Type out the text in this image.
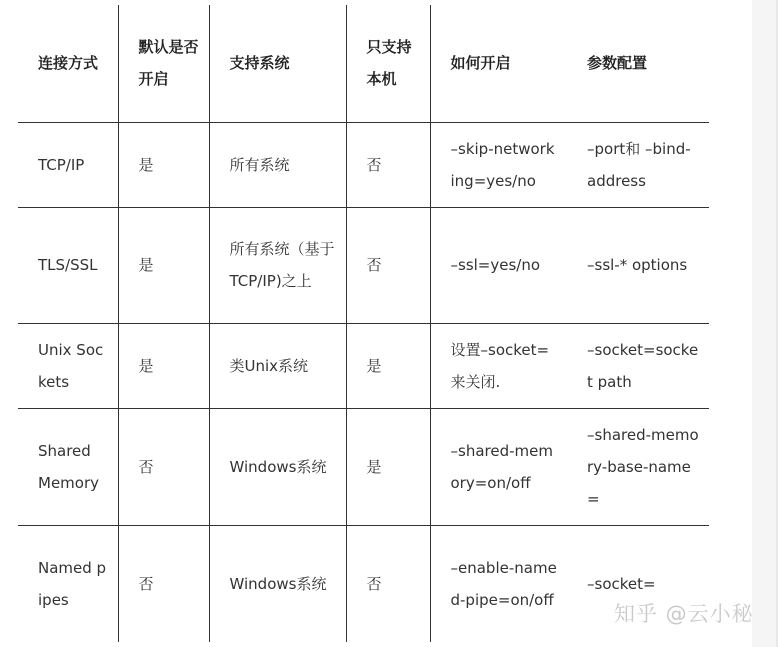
连接方式	默认是否开启	支持系统	只支持本机	如何开启	参数配置
TCP/IP	是	所有系统	否	–skip-networking=yes/no	–port和 –bind-address
TLS/SSL	是	所有系统（基于TCP/IP)之上	否	–ssl=yes/no	–ssl-* options
Unix Sockets	是	类Unix系统	是	设置–socket= 来关闭.	–socket=socket path
Shared Memory	否	Windows系统	是	–shared-memory=on/off	–shared-memory-base-name=
Named pipes	否	Windows系统	否	–enable-named-pipe=on/off	–socket=
知乎 @云小秘
